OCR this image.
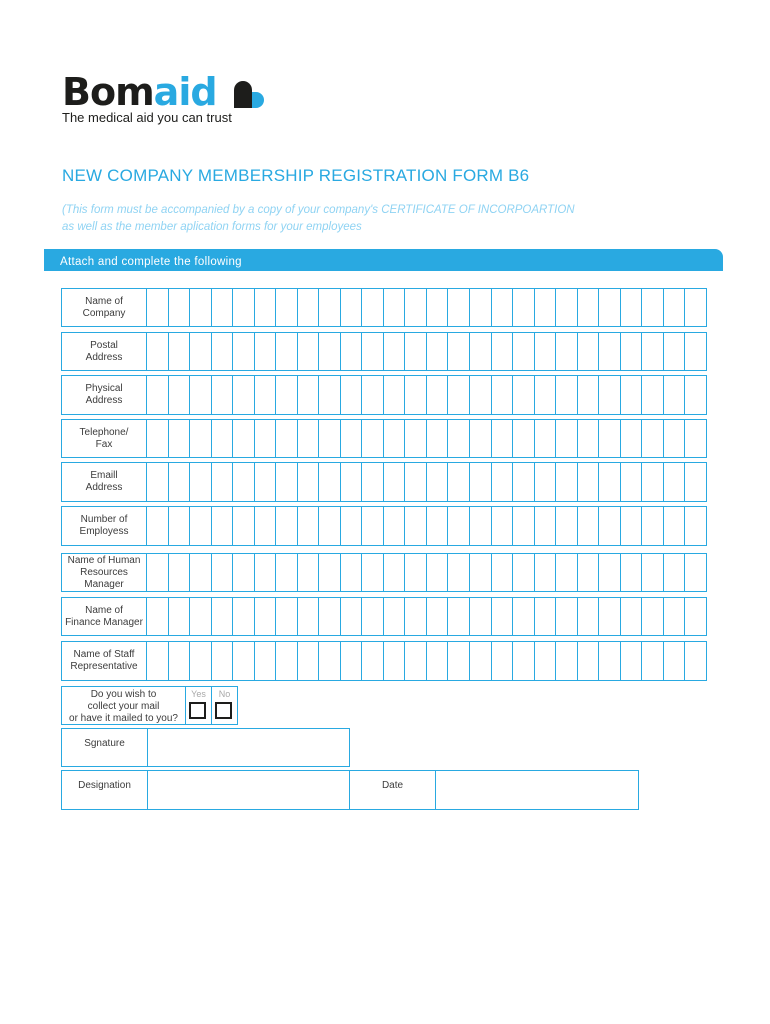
Bomaid
The medical aid you can trust
NEW COMPANY MEMBERSHIP REGISTRATION FORM B6
(This form must be accompanied by a copy of your company's CERTIFICATE OF INCORPOARTION
as well as the member aplication forms for your employees
Attach and complete the following
Name of
Company
Postal
Address
Physical
Address
Telephone/
Fax
Emaill
Address
Number of
Employess
Name of Human
Resources
Manager
Name of
Finance Manager
Name of Staff
Representative
Do you wish to
collect your mail
or have it mailed to you?
Yes	No
Sgnature
Designation	Date
